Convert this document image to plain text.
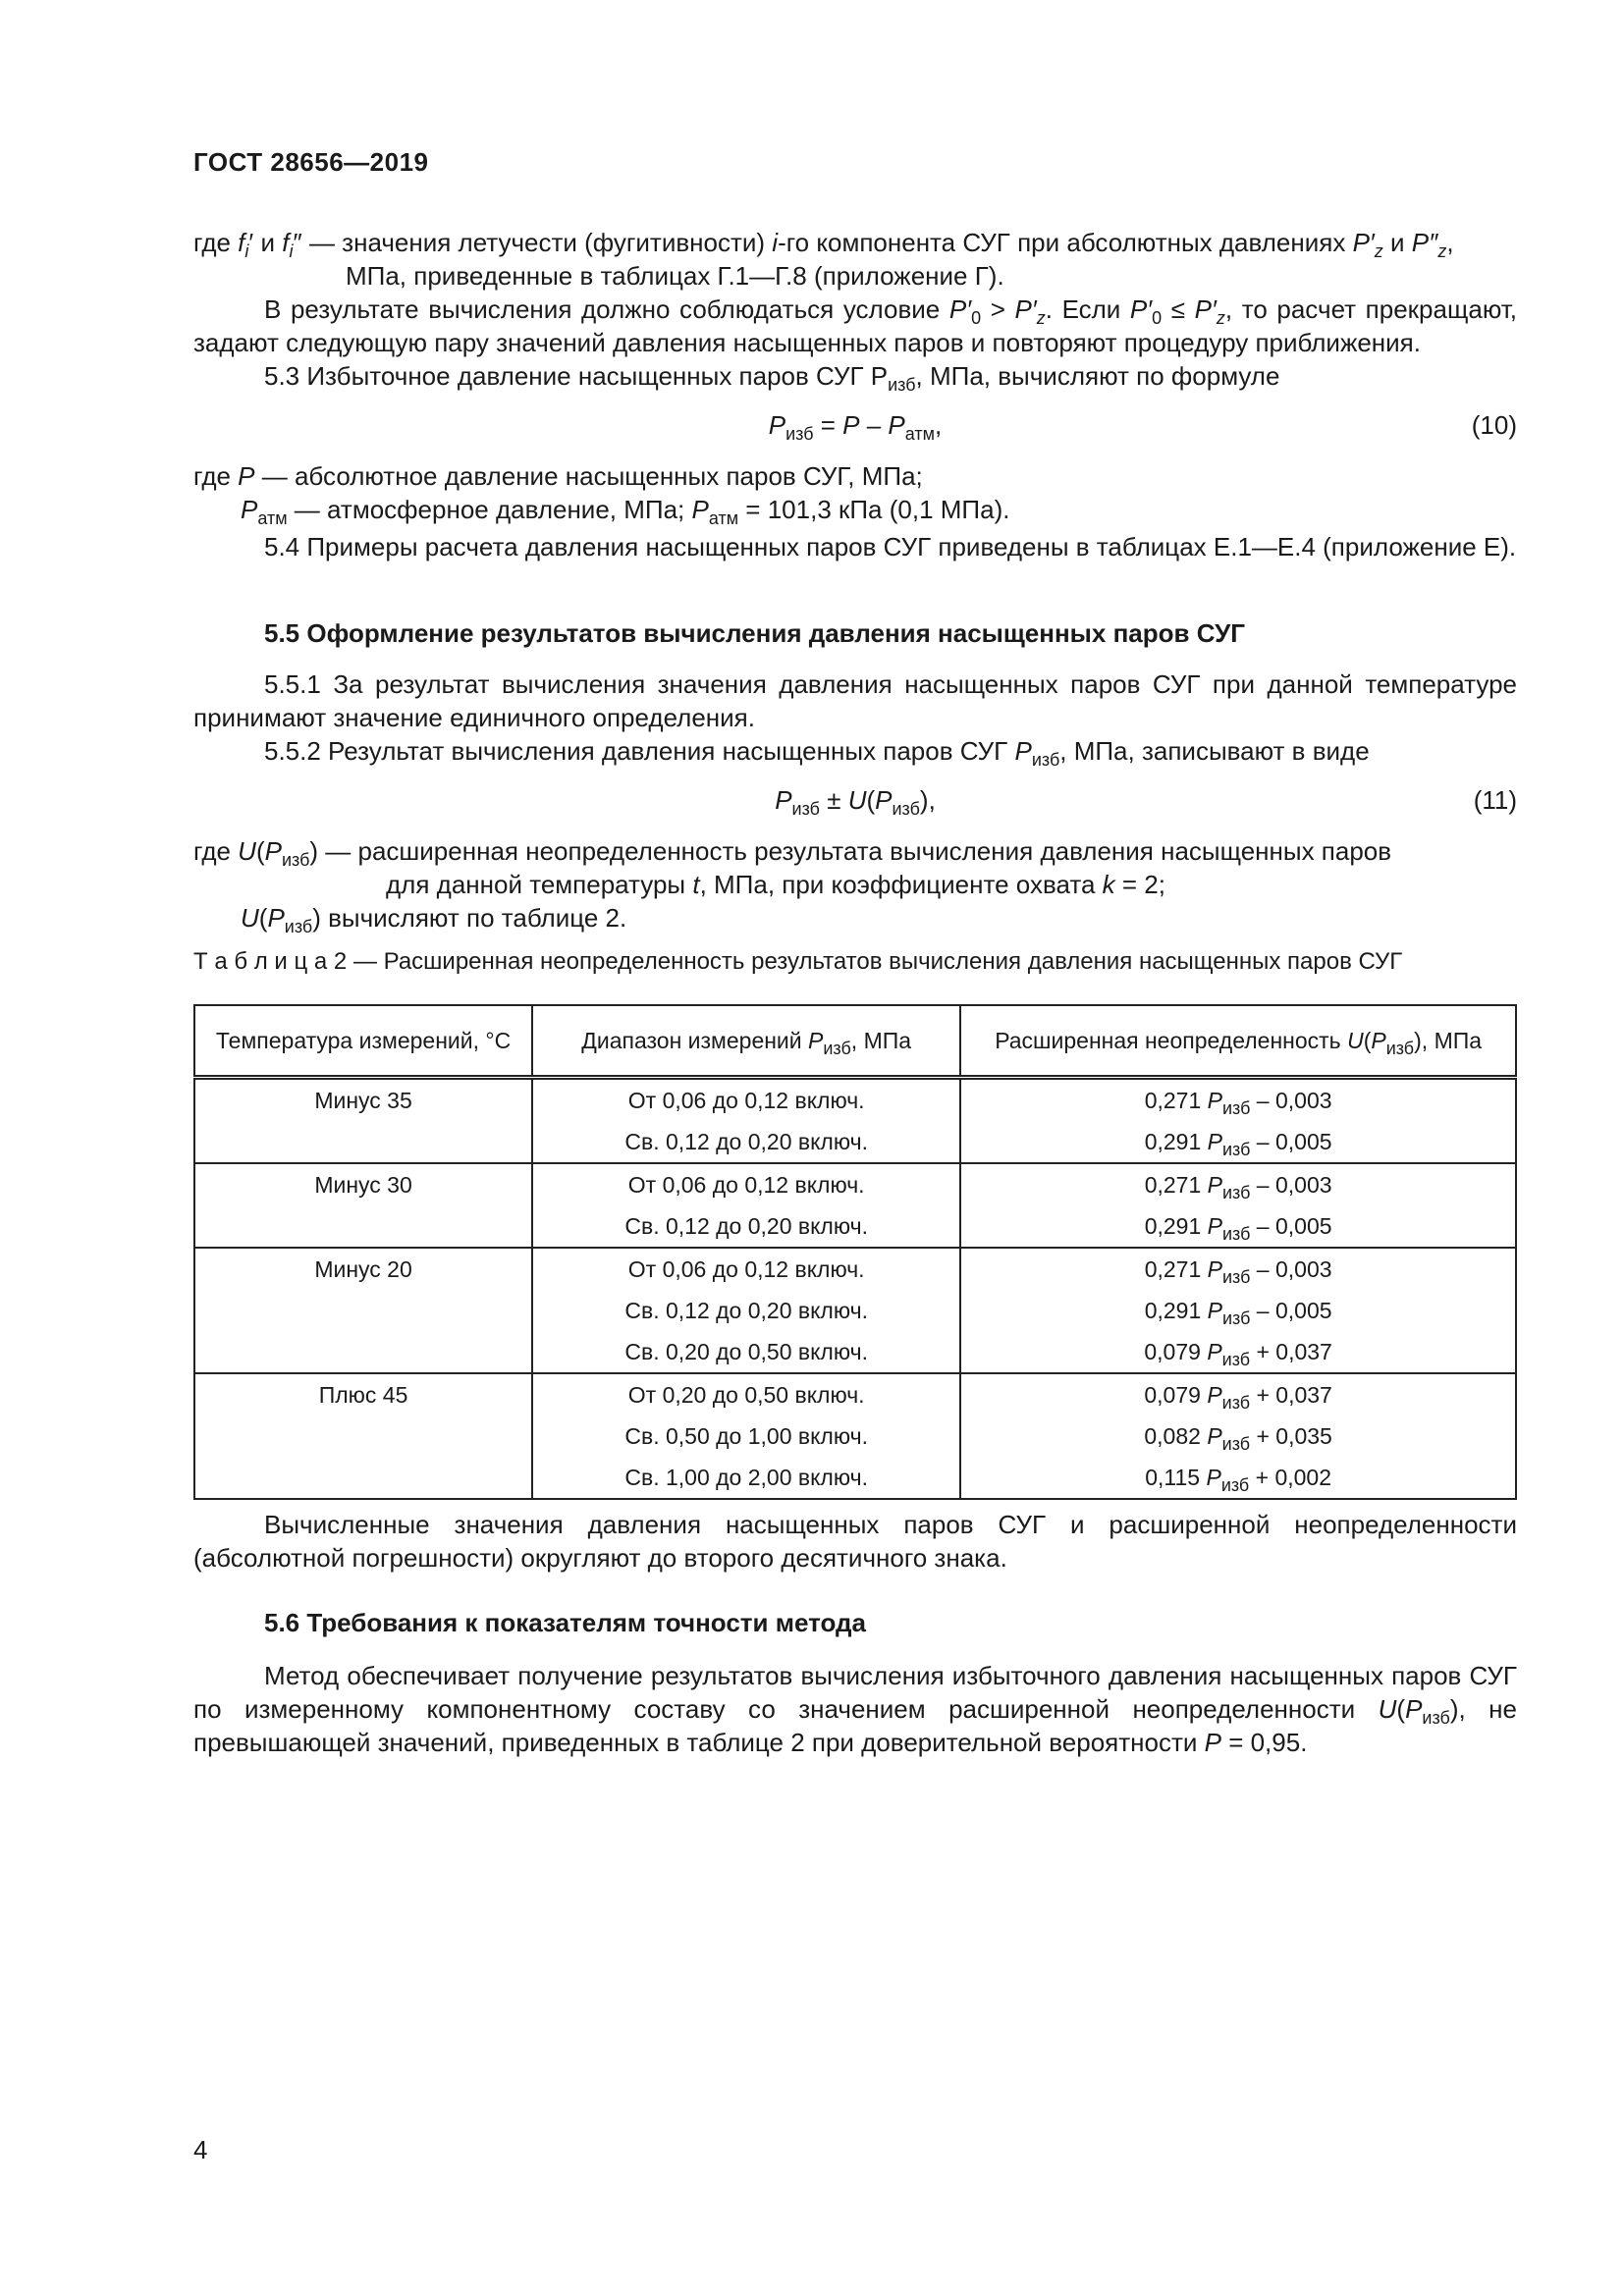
ГОСТ 28656—2019
где $f_i'$ и $f_i''$ — значения летучести (фугитивности) i-го компонента СУГ при абсолютных давлениях $P'_z$ и $P''_z$,
МПа, приведенные в таблицах Г.1—Г.8 (приложение Г).
В результате вычисления должно соблюдаться условие $P'_0 > P'_z$. Если $P'_0 \le P'_z$, то расчет прекращают, задают следующую пару значений давления насыщенных паров и повторяют процедуру приближения.
5.3 Избыточное давление насыщенных паров СУГ $Р_{изб}$, МПа, вычисляют по формуле
$P_{изб} = P - P_{атм}$,	(10)
где P — абсолютное давление насыщенных паров СУГ, МПа;
$P_{атм}$ — атмосферное давление, МПа; $P_{атм} = 101,3$ кПа (0,1 МПа).
5.4 Примеры расчета давления насыщенных паров СУГ приведены в таблицах Е.1—Е.4 (приложение Е).
5.5 Оформление результатов вычисления давления насыщенных паров СУГ
5.5.1 За результат вычисления значения давления насыщенных паров СУГ при данной температуре принимают значение единичного определения.
5.5.2 Результат вычисления давления насыщенных паров СУГ $P_{изб}$, МПа, записывают в виде
$P_{изб} \pm U(P_{изб})$,	(11)
где $U(P_{изб})$ — расширенная неопределенность результата вычисления давления насыщенных паров
для данной температуры t, МПа, при коэффициенте охвата k = 2;
$U(P_{изб})$ вычисляют по таблице 2.
Т а б л и ц а 2 — Расширенная неопределенность результатов вычисления давления насыщенных паров СУГ
Температура измерений, °С	Диапазон измерений $P_{изб}$, МПа	Расширенная неопределенность $U(P_{изб})$, МПа
Минус 35	От 0,06 до 0,12 включ.	0,271 $P_{изб} - 0,003$
	Св. 0,12 до 0,20 включ.	0,291 $P_{изб} - 0,005$
Минус 30	От 0,06 до 0,12 включ.	0,271 $P_{изб} - 0,003$
	Св. 0,12 до 0,20 включ.	0,291 $P_{изб} - 0,005$
Минус 20	От 0,06 до 0,12 включ.	0,271 $P_{изб} - 0,003$
	Св. 0,12 до 0,20 включ.	0,291 $P_{изб} - 0,005$
	Св. 0,20 до 0,50 включ.	0,079 $P_{изб} + 0,037$
Плюс 45	От 0,20 до 0,50 включ.	0,079 $P_{изб} + 0,037$
	Св. 0,50 до 1,00 включ.	0,082 $P_{изб} + 0,035$
	Св. 1,00 до 2,00 включ.	0,115 $P_{изб} + 0,002$
Вычисленные значения давления насыщенных паров СУГ и расширенной неопределенности (абсолютной погрешности) округляют до второго десятичного знака.
5.6 Требования к показателям точности метода
Метод обеспечивает получение результатов вычисления избыточного давления насыщенных паров СУГ по измеренному компонентному составу со значением расширенной неопределенности $U(P_{изб})$, не превышающей значений, приведенных в таблице 2 при доверительной вероятности P = 0,95.
4
